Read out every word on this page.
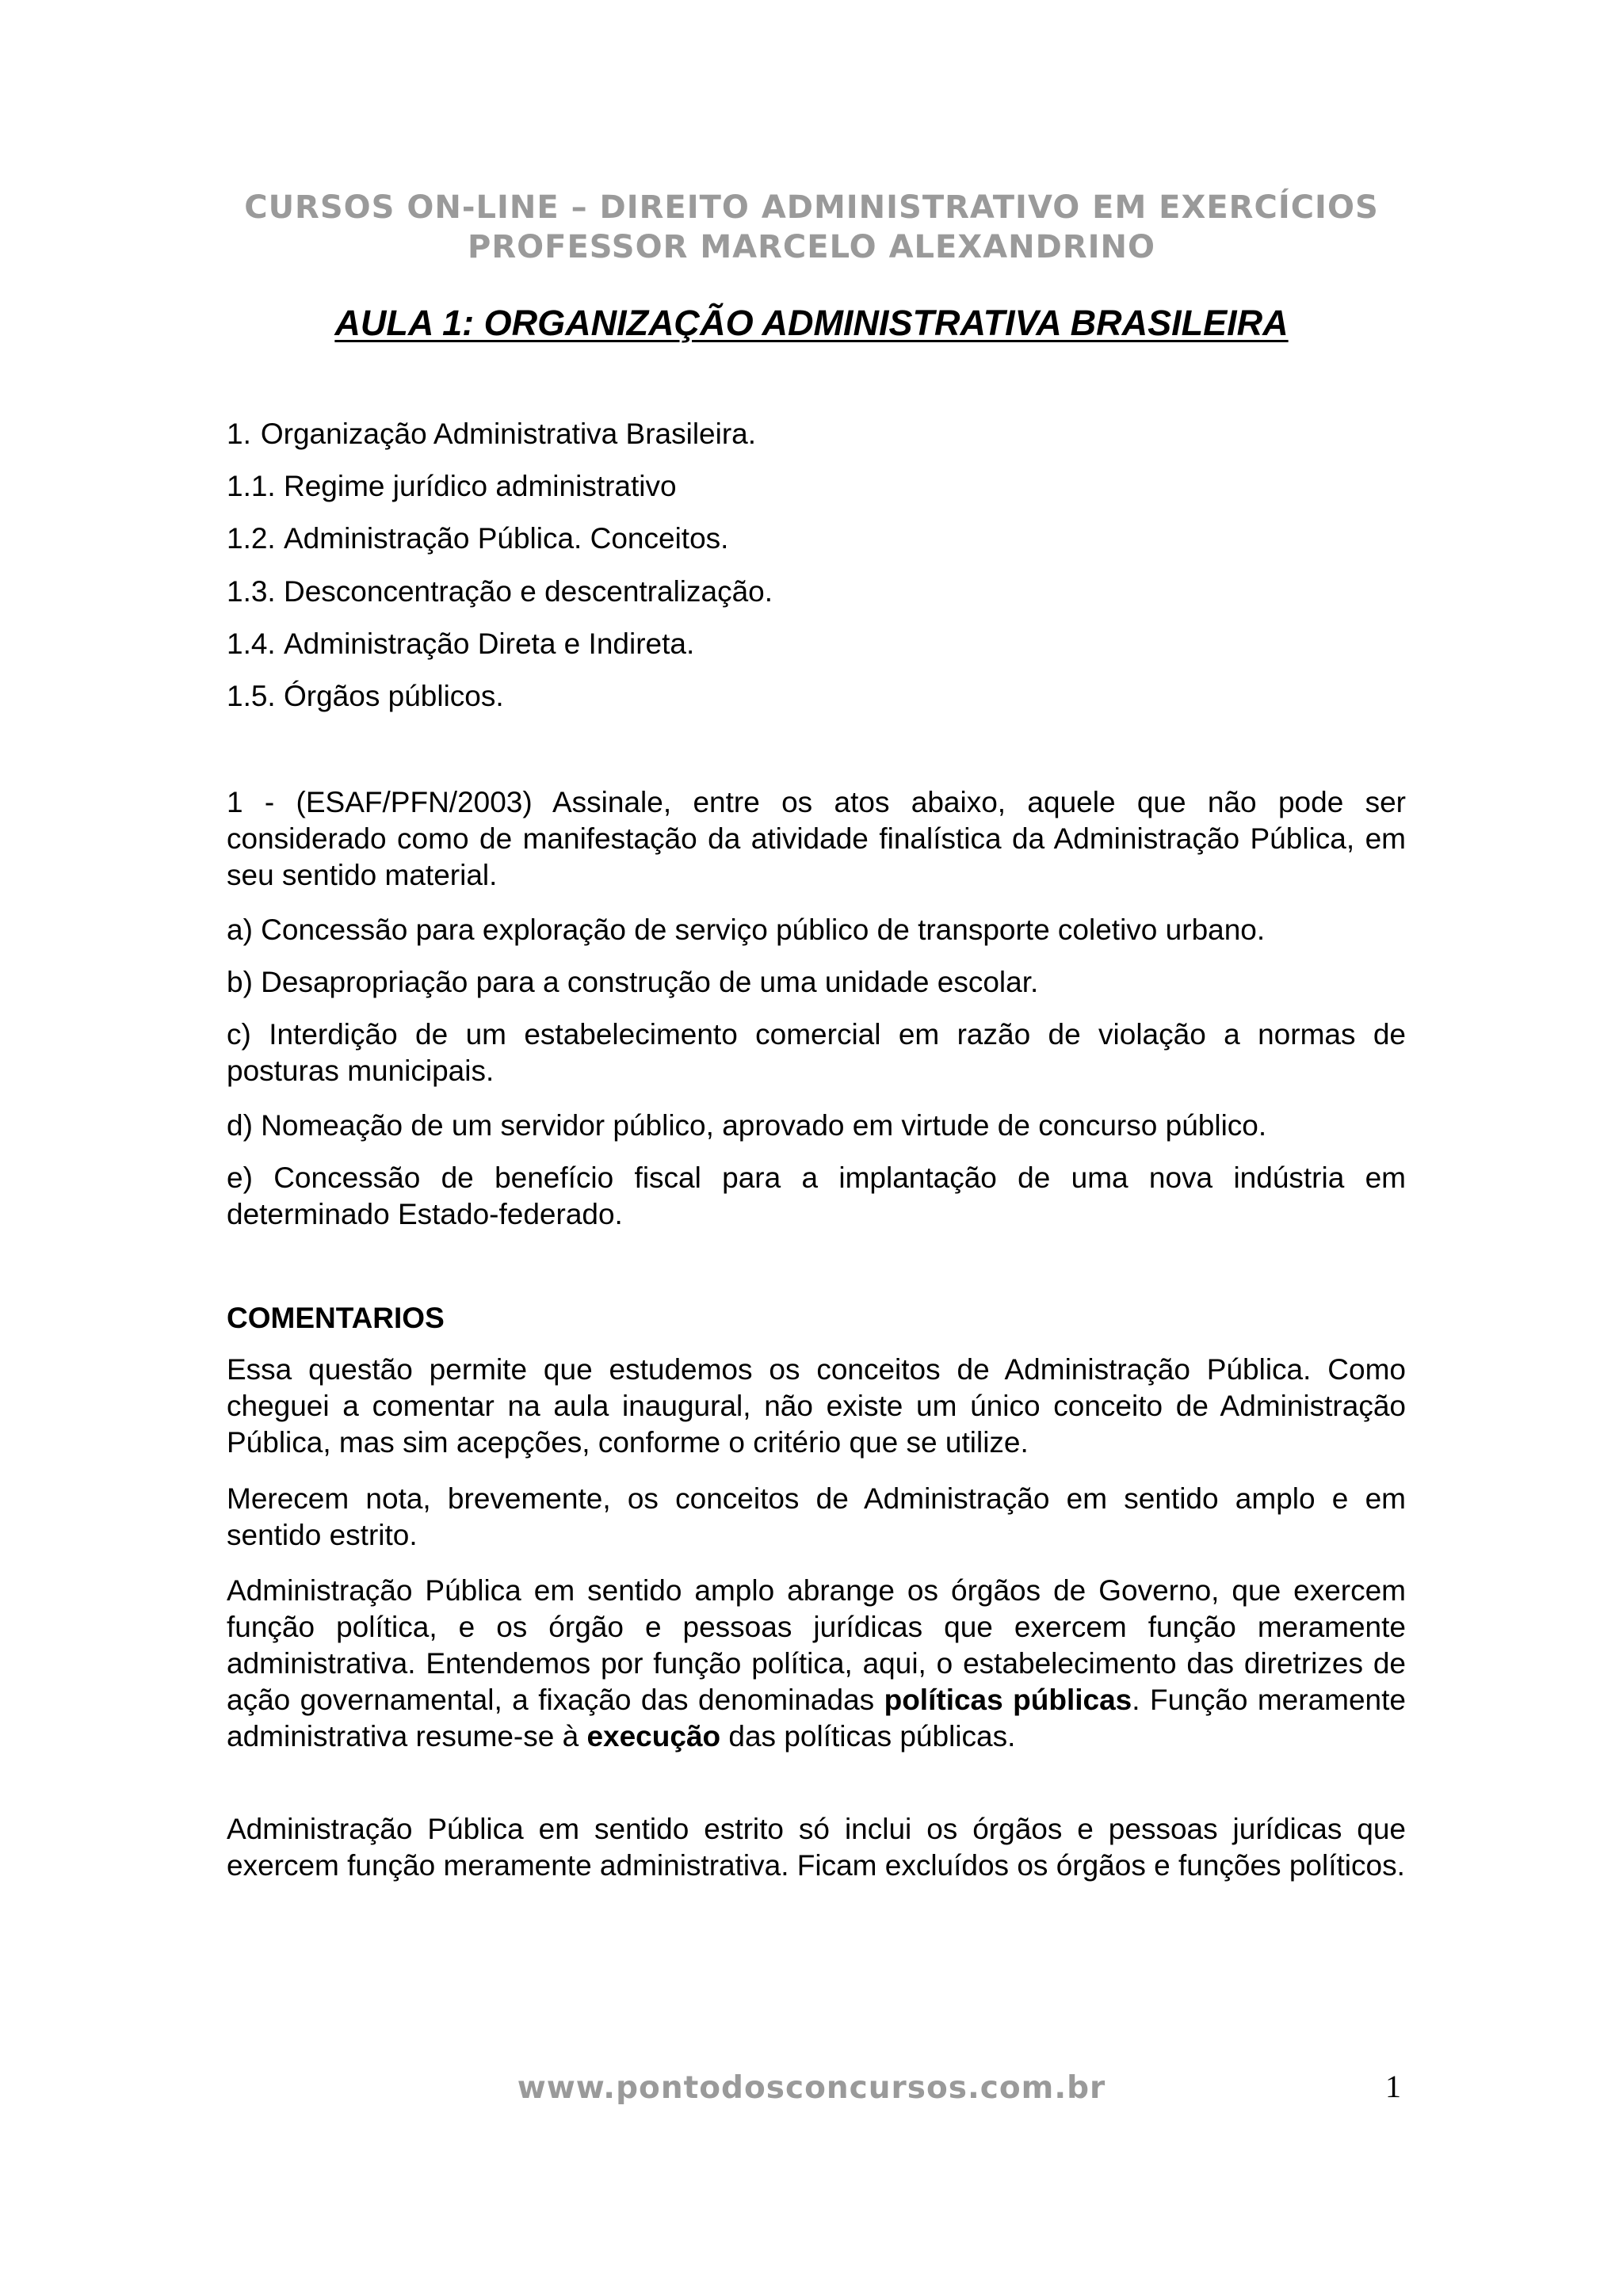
CURSOS ON-LINE – DIREITO ADMINISTRATIVO EM EXERCÍCIOS
PROFESSOR MARCELO ALEXANDRINO
AULA 1: ORGANIZAÇÃO ADMINISTRATIVA BRASILEIRA
1. Organização Administrativa Brasileira.
1.1. Regime jurídico administrativo
1.2. Administração Pública. Conceitos.
1.3. Desconcentração e descentralização.
1.4. Administração Direta e Indireta.
1.5. Órgãos públicos.
1 - (ESAF/PFN/2003) Assinale, entre os atos abaixo, aquele que não pode ser considerado como de manifestação da atividade finalística da Administração Pública, em seu sentido material.
a) Concessão para exploração de serviço público de transporte coletivo urbano.
b) Desapropriação para a construção de uma unidade escolar.
c) Interdição de um estabelecimento comercial em razão de violação a normas de posturas municipais.
d) Nomeação de um servidor público, aprovado em virtude de concurso público.
e) Concessão de benefício fiscal para a implantação de uma nova indústria em determinado Estado-federado.
COMENTARIOS
Essa questão permite que estudemos os conceitos de Administração Pública. Como cheguei a comentar na aula inaugural, não existe um único conceito de Administração Pública, mas sim acepções, conforme o critério que se utilize.
Merecem nota, brevemente, os conceitos de Administração em sentido amplo e em sentido estrito.
Administração Pública em sentido amplo abrange os órgãos de Governo, que exercem função política, e os órgão e pessoas jurídicas que exercem função meramente administrativa. Entendemos por função política, aqui, o estabelecimento das diretrizes de ação governamental, a fixação das denominadas políticas públicas. Função meramente administrativa resume-se à execução das políticas públicas.
Administração Pública em sentido estrito só inclui os órgãos e pessoas jurídicas que exercem função meramente administrativa. Ficam excluídos os órgãos e funções políticos.
www.pontodosconcursos.com.br	1
